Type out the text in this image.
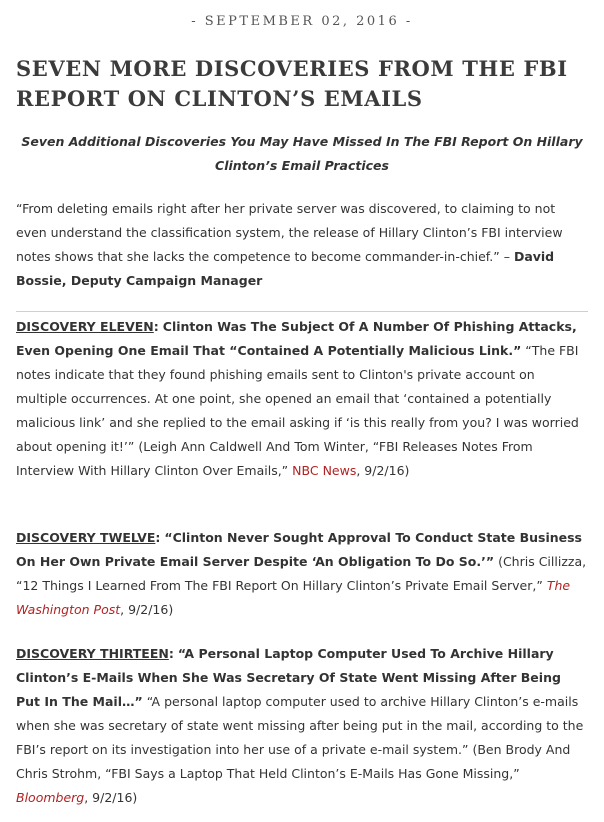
- SEPTEMBER 02, 2016 -
SEVEN MORE DISCOVERIES FROM THE FBI REPORT ON CLINTON’S EMAILS
Seven Additional Discoveries You May Have Missed In The FBI Report On Hillary Clinton’s Email Practices
“From deleting emails right after her private server was discovered, to claiming to not even understand the classification system, the release of Hillary Clinton’s FBI interview notes shows that she lacks the competence to become commander-in-chief.” – David Bossie, Deputy Campaign Manager
DISCOVERY ELEVEN: Clinton Was The Subject Of A Number Of Phishing Attacks, Even Opening One Email That “Contained A Potentially Malicious Link.” “The FBI notes indicate that they found phishing emails sent to Clinton's private account on multiple occurrences. At one point, she opened an email that ‘contained a potentially malicious link’ and she replied to the email asking if ‘is this really from you? I was worried about opening it!’” (Leigh Ann Caldwell And Tom Winter, “FBI Releases Notes From Interview With Hillary Clinton Over Emails,” NBC News, 9/2/16)
DISCOVERY TWELVE: “Clinton Never Sought Approval To Conduct State Business On Her Own Private Email Server Despite ‘An Obligation To Do So.’” (Chris Cillizza, “12 Things I Learned From The FBI Report On Hillary Clinton’s Private Email Server,” The Washington Post, 9/2/16)
DISCOVERY THIRTEEN: “A Personal Laptop Computer Used To Archive Hillary Clinton’s E-Mails When She Was Secretary Of State Went Missing After Being Put In The Mail…” “A personal laptop computer used to archive Hillary Clinton’s e-mails when she was secretary of state went missing after being put in the mail, according to the FBI’s report on its investigation into her use of a private e-mail system.” (Ben Brody And Chris Strohm, “FBI Says a Laptop That Held Clinton’s E-Mails Has Gone Missing,” Bloomberg, 9/2/16)
